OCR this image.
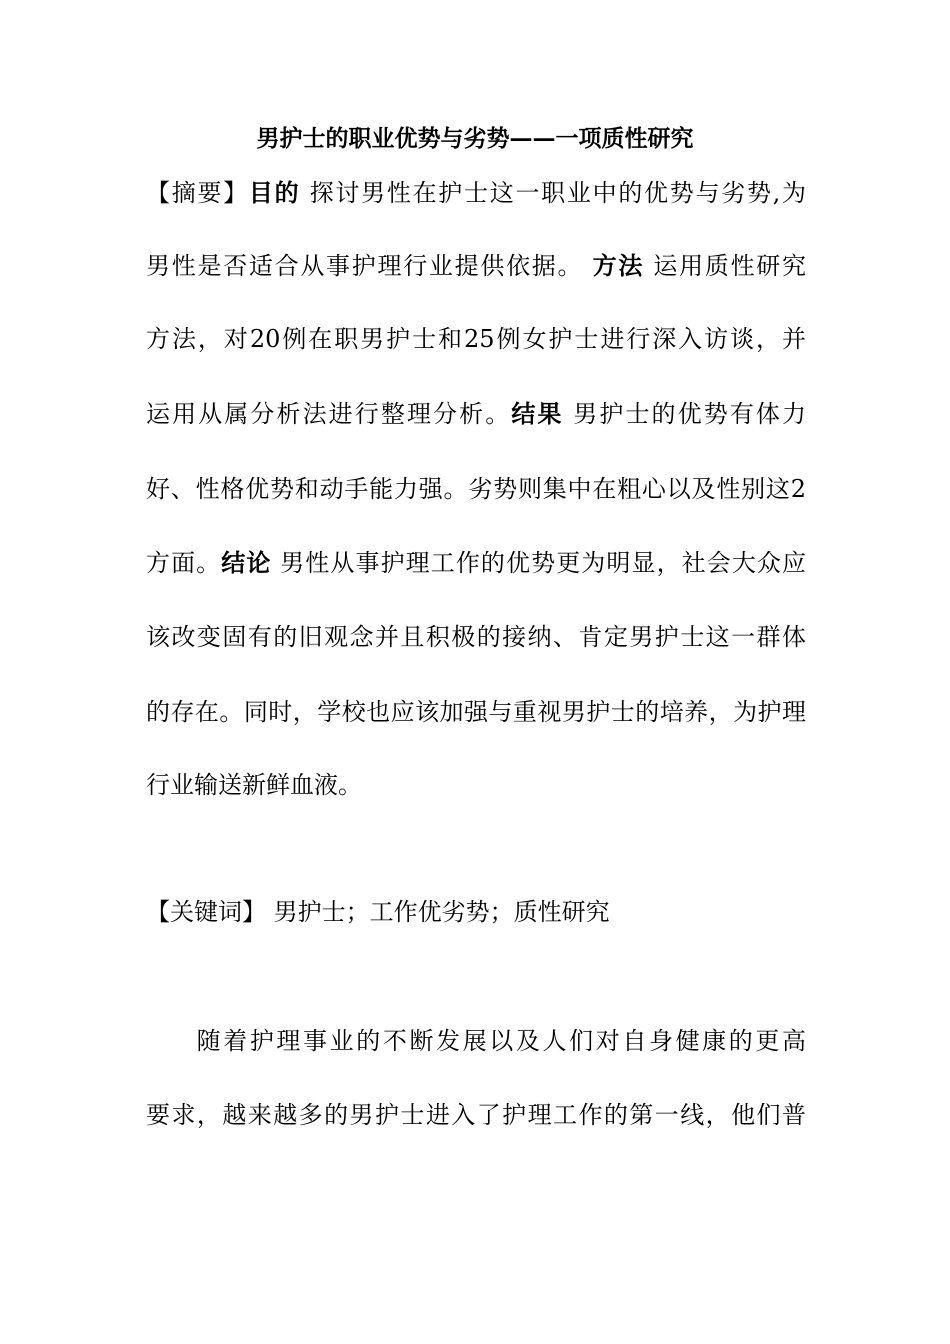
男护士的职业优势与劣势——一项质性研究
【摘要】目的 探讨男性在护士这一职业中的优势与劣势,为
男性是否适合从事护理行业提供依据。 方法 运用质性研究
方法，对20例在职男护士和25例女护士进行深入访谈，并
运用从属分析法进行整理分析。结果 男护士的优势有体力
好、性格优势和动手能力强。劣势则集中在粗心以及性别这2
方面。结论 男性从事护理工作的优势更为明显，社会大众应
该改变固有的旧观念并且积极的接纳、肯定男护士这一群体
的存在。同时，学校也应该加强与重视男护士的培养，为护理
行业输送新鲜血液。
【关键词】 男护士；工作优劣势；质性研究
随着护理事业的不断发展以及人们对自身健康的更高
要求，越来越多的男护士进入了护理工作的第一线，他们普
